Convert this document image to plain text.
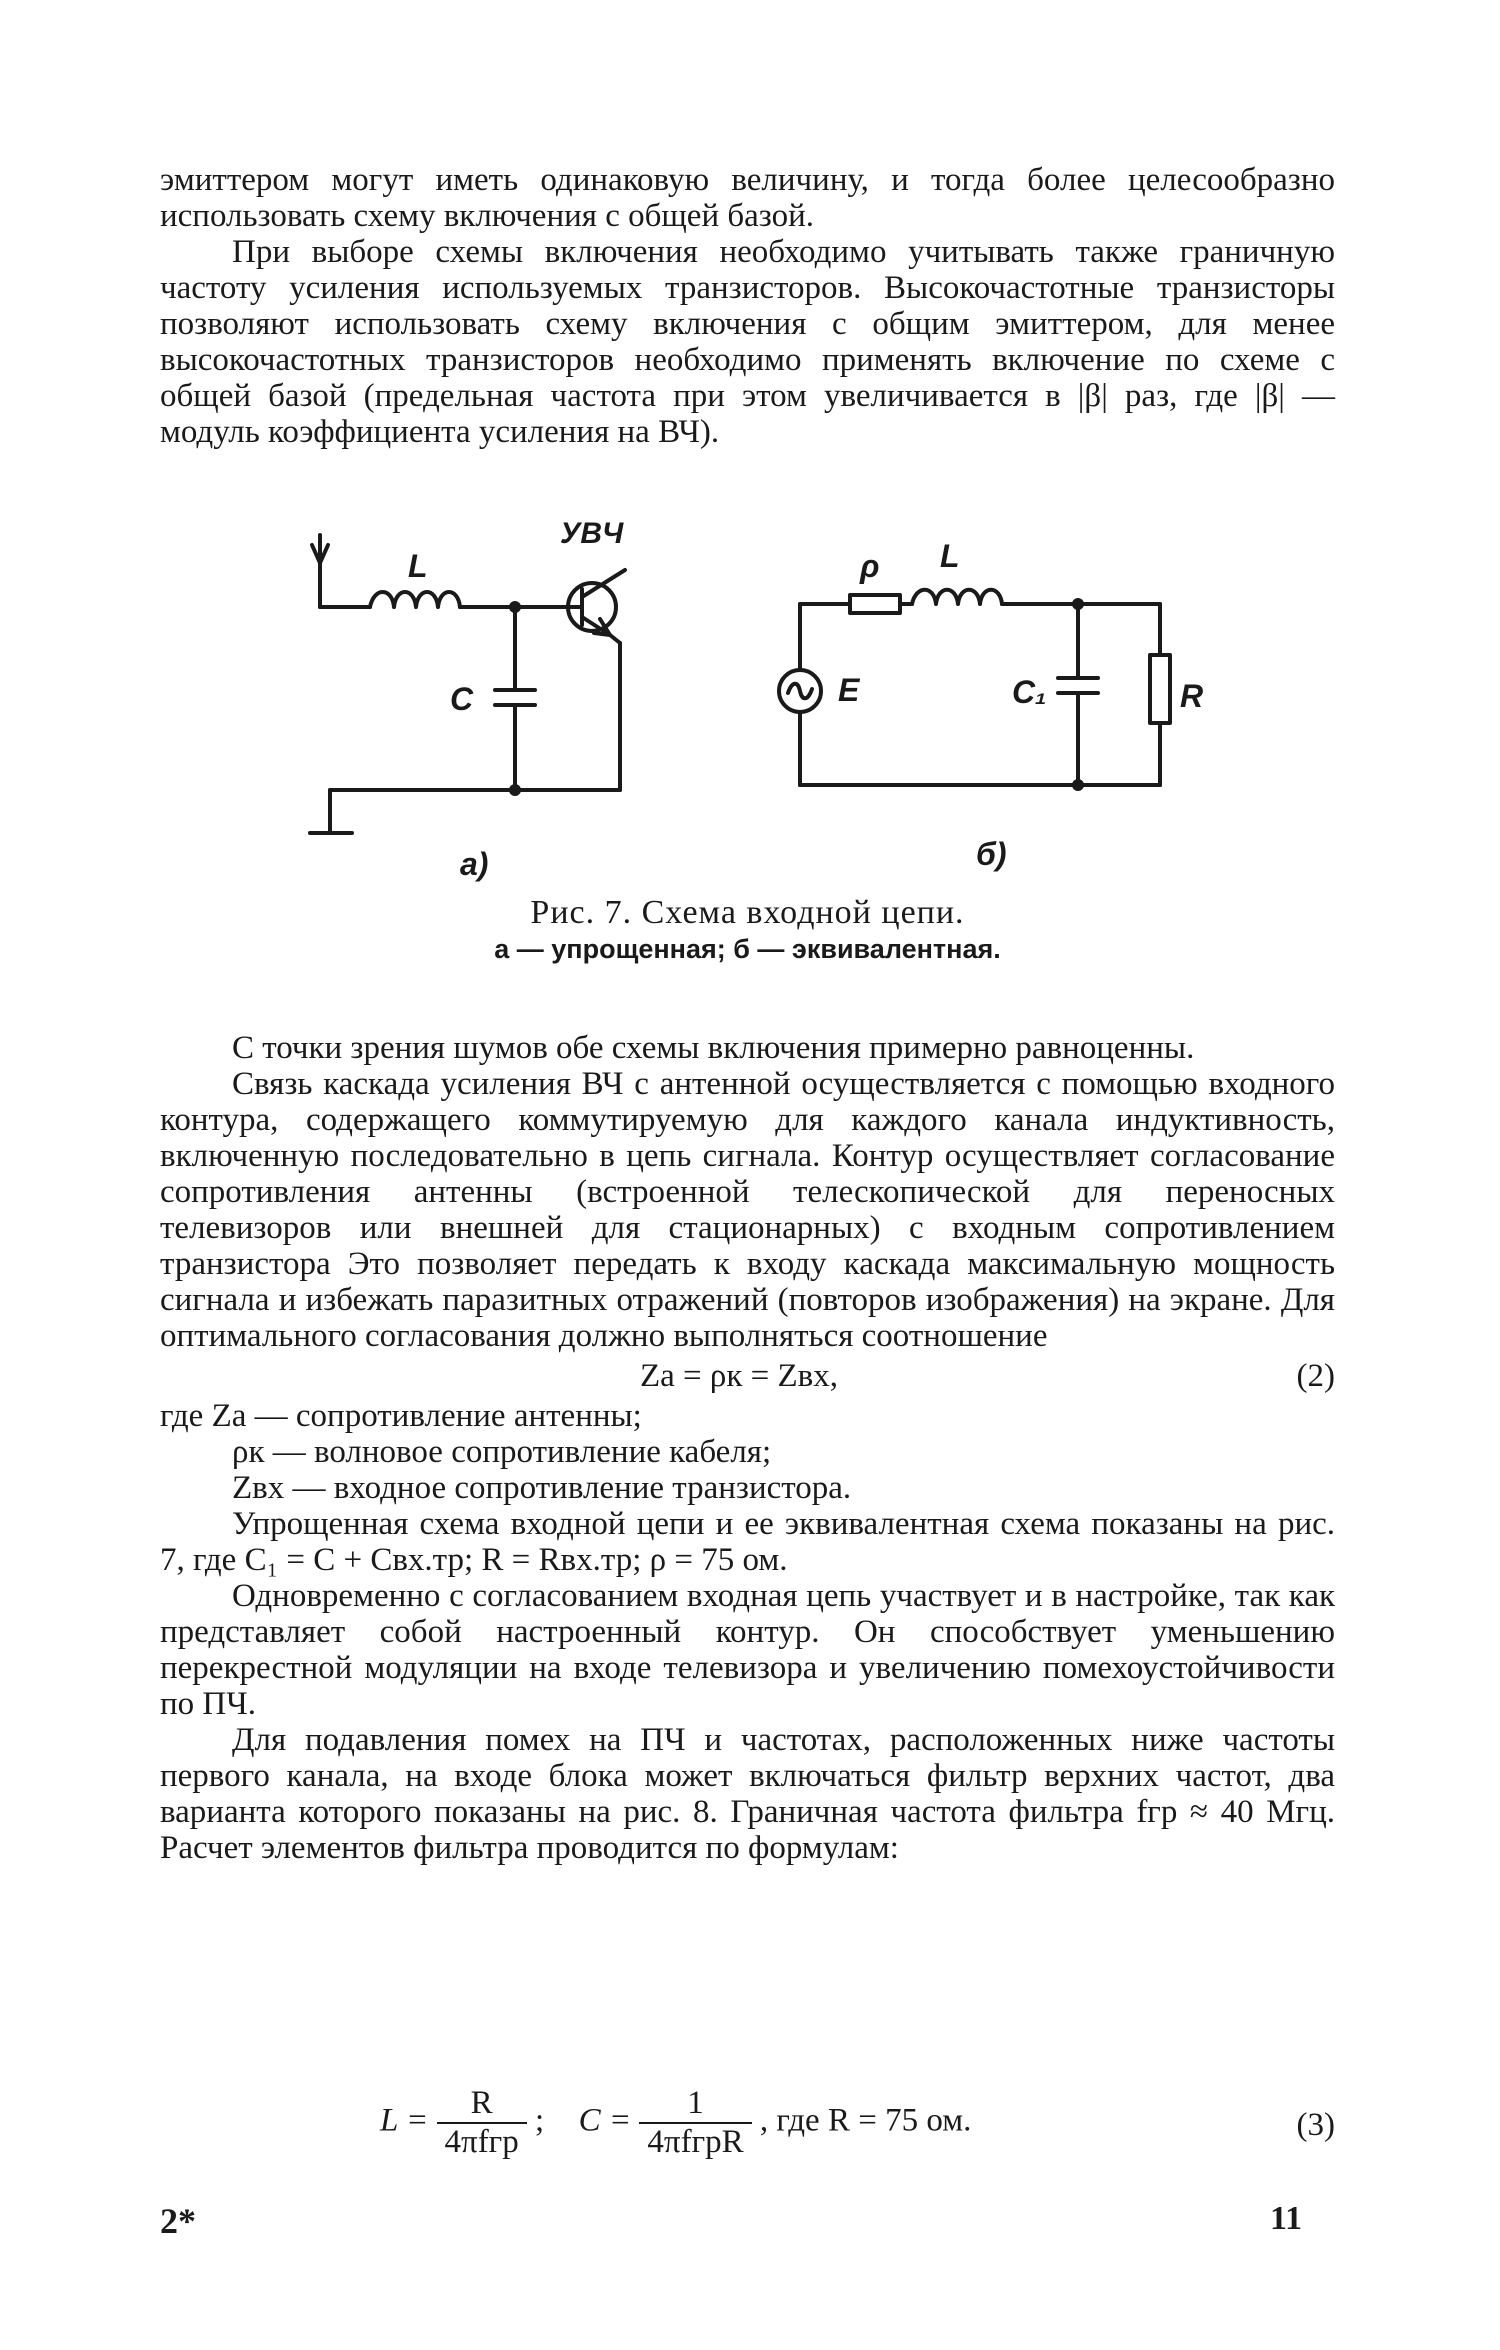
эмиттером могут иметь одинаковую величину, и тогда более целесообразно использовать схему включения с общей базой.

При выборе схемы включения необходимо учитывать также граничную частоту усиления используемых транзисторов. Высокочастотные транзисторы позволяют использовать схему включения с общим эмиттером, для менее высокочастотных транзисторов необходимо применять включение по схеме с общей базой (предельная частота при этом увеличивается в |β| раз, где |β| — модуль коэффициента усиления на ВЧ).

L
C
УВЧ
а)
ρ L
E	C₁	R
б)
Рис. 7. Схема входной цепи.
а — упрощенная; б — эквивалентная.

С точки зрения шумов обе схемы включения примерно равноценны.

Связь каскада усиления ВЧ с антенной осуществляется с помощью входного контура, содержащего коммутируемую для каждого канала индуктивность, включенную последовательно в цепь сигнала. Контур осуществляет согласование сопротивления антенны (встроенной телескопической для переносных телевизоров или внешней для стационарных) с входным сопротивлением транзистора Это позволяет передать к входу каскада максимальную мощность сигнала и избежать паразитных отражений (повторов изображения) на экране. Для оптимального согласования должно выполняться соотношение

Zа = ρк = Zвх,	(2)
где Zа — сопротивление антенны;
ρк — волновое сопротивление кабеля;
Zвх — входное сопротивление транзистора.

Упрощенная схема входной цепи и ее эквивалентная схема показаны на рис. 7, где C₁ = C + Cвх.тр; R = Rвх.тр; ρ = 75 ом.

Одновременно с согласованием входная цепь участвует и в настройке, так как представляет собой настроенный контур. Он способствует уменьшению перекрестной модуляции на входе телевизора и увеличению помехоустойчивости по ПЧ.

Для подавления помех на ПЧ и частотах, расположенных ниже частоты первого канала, на входе блока может включаться фильтр верхних частот, два варианта которого показаны на рис. 8. Граничная частота фильтра fгр ≈ 40 Мгц. Расчет элементов фильтра проводится по формулам:

$L = \frac{R}{\text{4πfгр}}$ ; $C = \frac{1}{\text{4πfгрR}}$ , где R = 75 ом.	(3)
2*	11
